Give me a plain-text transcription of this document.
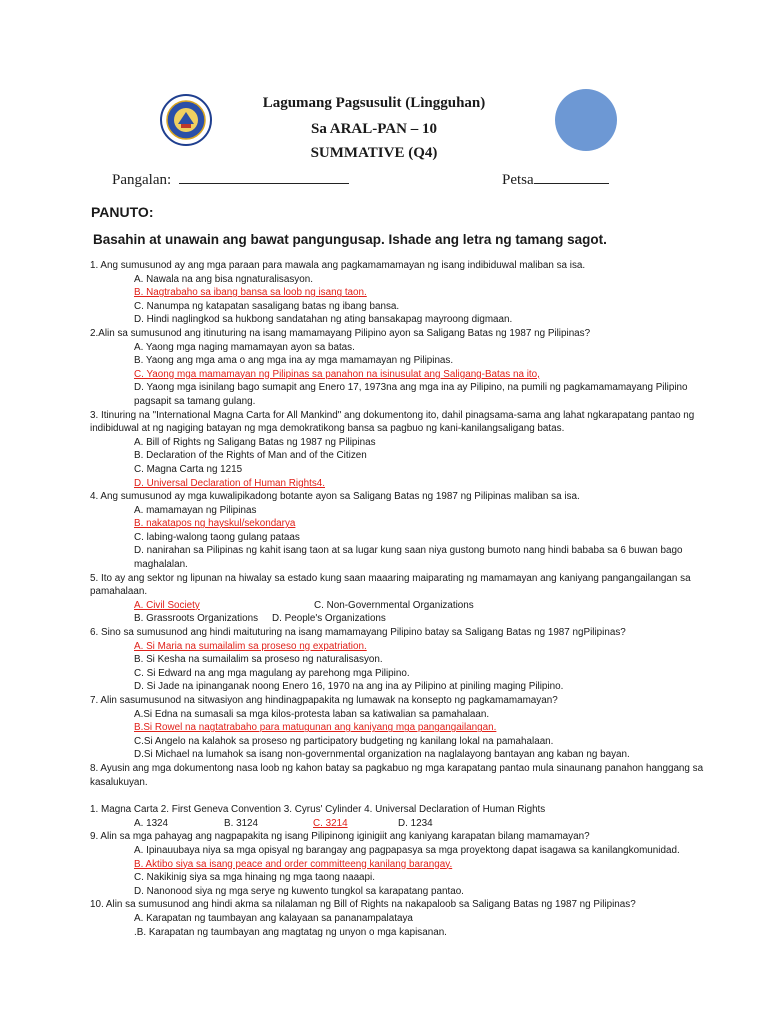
Lagumang Pagsusulit (Lingguhan)
Sa ARAL-PAN – 10
SUMMATIVE (Q4)
Pangalan:	Petsa
PANUTO:
Basahin at unawain ang bawat pangungusap. Ishade ang letra ng tamang sagot.
1. Ang sumusunod ay ang mga paraan para mawala ang pagkamamamayan ng isang indibiduwal maliban sa isa.
A. Nawala na ang bisa ngnaturalisasyon.
B. Nagtrabaho sa ibang bansa sa loob ng isang taon.
C. Nanumpa ng katapatan sasaligang batas ng ibang bansa.
D. Hindi naglingkod sa hukbong sandatahan ng ating bansakapag mayroong digmaan.
2.Alin sa sumusunod ang itinuturing na isang mamamayang Pilipino ayon sa Saligang Batas ng 1987 ng Pilipinas?
A. Yaong mga naging mamamayan ayon sa batas.
B. Yaong ang mga ama o ang mga ina ay mga mamamayan ng Pilipinas.
C. Yaong mga mamamayan ng Pilipinas sa panahon na isinusulat ang Saligang-Batas na ito,
D. Yaong mga isinilang bago sumapit ang Enero 17, 1973na ang mga ina ay Pilipino, na pumili ng pagkamamamayang Pilipino
pagsapit sa tamang gulang.
3. Itinuring na "International Magna Carta for All Mankind" ang dokumentong ito, dahil pinagsama-sama ang lahat ngkarapatang pantao ng
indibiduwal at ng nagiging batayan ng mga demokratikong bansa sa pagbuo ng kani-kanilangsaligang batas.
A. Bill of Rights ng Saligang Batas ng 1987 ng Pilipinas
B. Declaration of the Rights of Man and of the Citizen
C. Magna Carta ng 1215
D. Universal Declaration of Human Rights4.
4. Ang sumusunod ay mga kuwalipikadong botante ayon sa Saligang Batas ng 1987 ng Pilipinas maliban sa isa.
A. mamamayan ng Pilipinas
B. nakatapos ng hayskul/sekondarya
C. labing-walong taong gulang pataas
D. nanirahan sa Pilipinas ng kahit isang taon at sa lugar kung saan niya gustong bumoto nang hindi bababa sa 6 buwan bago
maghalalan.
5. Ito ay ang sektor ng lipunan na hiwalay sa estado kung saan maaaring maiparating ng mamamayan ang kaniyang pangangailangan sa
pamahalaan.
A. Civil Society	C. Non-Governmental Organizations
B. Grassroots Organizations D. People's Organizations
6. Sino sa sumusunod ang hindi maituturing na isang mamamayang Pilipino batay sa Saligang Batas ng 1987 ngPilipinas?
A. Si Maria na sumailalim sa proseso ng expatriation.
B. Si Kesha na sumailalim sa proseso ng naturalisasyon.
C. Si Edward na ang mga magulang ay parehong mga Pilipino.
D. Si Jade na ipinanganak noong Enero 16, 1970 na ang ina ay Pilipino at piniling maging Pilipino.
7. Alin sasumusunod na sitwasiyon ang hindinagpapakita ng lumawak na konsepto ng pagkamamamayan?
A.Si Edna na sumasali sa mga kilos-protesta laban sa katiwalian sa pamahalaan.
B.Si Rowel na nagtatrabaho para matugunan ang kaniyang mga pangangailangan.
C.Si Angelo na kalahok sa proseso ng participatory budgeting ng kanilang lokal na pamahalaan.
D.Si Michael na lumahok sa isang non-governmental organization na naglalayong bantayan ang kaban ng bayan.
8. Ayusin ang mga dokumentong nasa loob ng kahon batay sa pagkabuo ng mga karapatang pantao mula sinaunang panahon hanggang sa
kasalukuyan.
1. Magna Carta 2. First Geneva Convention 3. Cyrus' Cylinder 4. Universal Declaration of Human Rights
A. 1324	B. 3124	C. 3214	D. 1234
9. Alin sa mga pahayag ang nagpapakita ng isang Pilipinong iginigiit ang kaniyang karapatan bilang mamamayan?
A. Ipinauubaya niya sa mga opisyal ng barangay ang pagpapasya sa mga proyektong dapat isagawa sa kanilangkomunidad.
B. Aktibo siya sa isang peace and order committeeng kanilang barangay.
C. Nakikinig siya sa mga hinaing ng mga taong naaapi.
D. Nanonood siya ng mga serye ng kuwento tungkol sa karapatang pantao.
10. Alin sa sumusunod ang hindi akma sa nilalaman ng Bill of Rights na nakapaloob sa Saligang Batas ng 1987 ng Pilipinas?
A. Karapatan ng taumbayan ang kalayaan sa pananampalataya
.B. Karapatan ng taumbayan ang magtatag ng unyon o mga kapisanan.
